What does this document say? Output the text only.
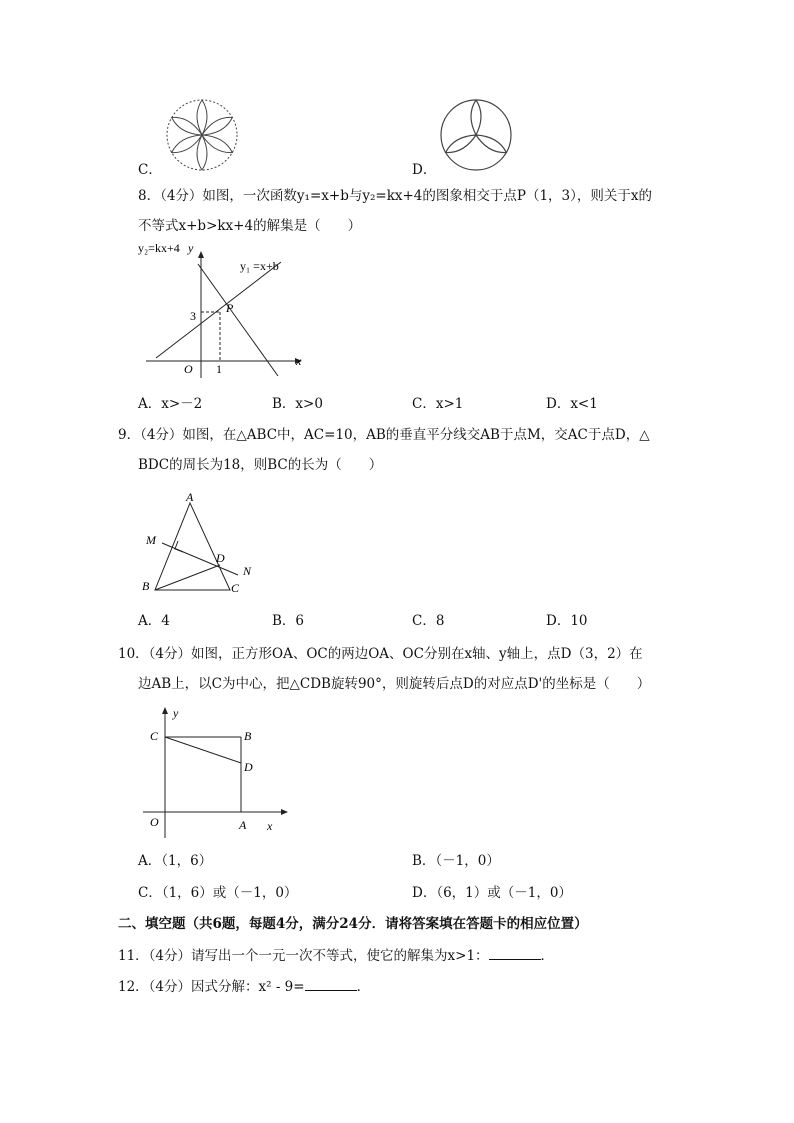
C．	D．
8．（4分）如图，一次函数y₁=x+b与y₂=kx+4的图象相交于点P（1，3），则关于x的
不等式x+b>kx+4的解集是（　　）
y₂=kx+4 y
y₁ =x+b
P
3
O 1
x
A．x>－2	B．x>0	C．x>1	D．x<1
9．（4分）如图，在△ABC中，AC=10，AB的垂直平分线交AB于点M，交AC于点D，△
BDC的周长为18，则BC的长为（　　）
A
M
D
N
B	C
A．4	B．6	C．8	D．10
10．（4分）如图，正方形OA、OC的两边OA、OC分别在x轴、y轴上，点D（3，2）在
边AB上，以C为中心，把△CDB旋转90°，则旋转后点D的对应点D'的坐标是（　　）
y
C	B
D
O	A x
A．（1，6）	B．（－1，0）
C．（1，6）或（－1，0）	D．（6，1）或（－1，0）
二、填空题（共6题，每题4分，满分24分．请将答案填在答题卡的相应位置）
11．（4分）请写出一个一元一次不等式，使它的解集为x>1：	．
12．（4分）因式分解：x² - 9=	．
